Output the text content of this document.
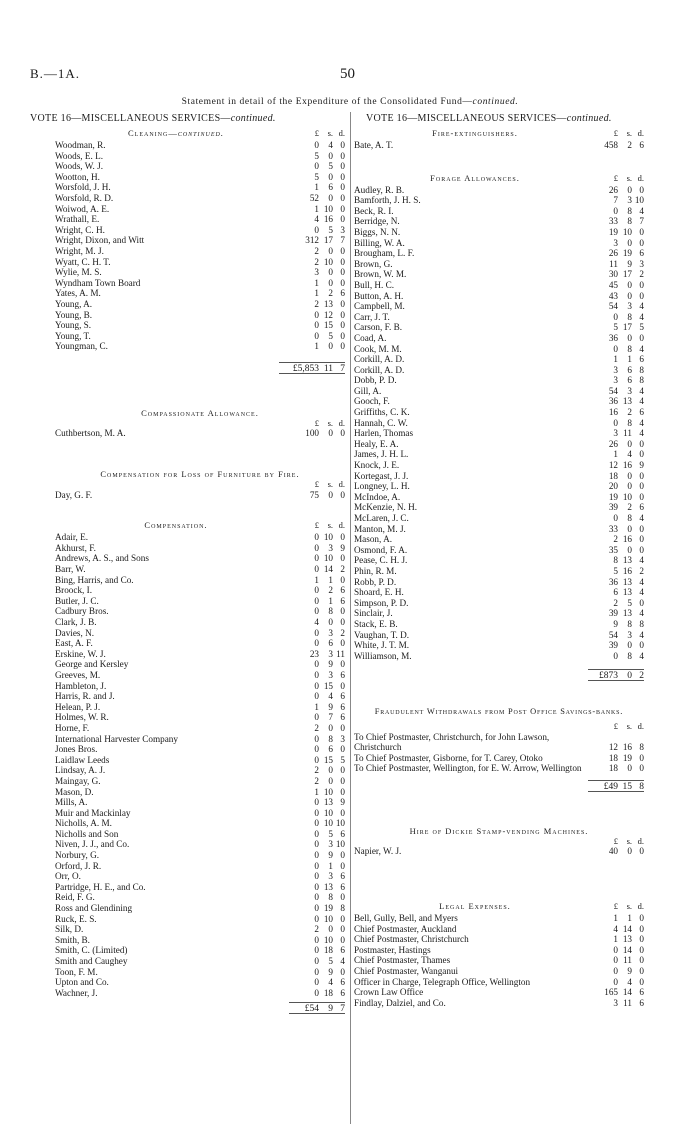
B.—1A.	50
Statement in detail of the Expenditure of the Consolidated Fund—continued.
VOTE 16—MISCELLANEOUS SERVICES—continued.	VOTE 16—MISCELLANEOUS SERVICES—continued.
Cleaning—continued.	£	s. d.
Woodman, R.	0	4 0
Woods, E. L.	5	0 0
Woods, W. J.	0	5 0
Wootton, H.	5	0 0
Worsfold, J. H.	1	6 0
Worsfold, R. D.	52	0 0
Woiwod, A. E.	1 10 0
Wrathall, E.	4 16 0
Wright, C. H.	0	5 3
Wright, Dixon, and Witt	312 17 7
Wright, M. J.	2	0 0
Wyatt, C. H. T.	2 10 0
Wylie, M. S.	3	0 0
Wyndham Town Board	1	0 0
Yates, A. M.	1	2 6
Young, A.	2 13 0
Young, B.	0 12 0
Young, S.	0 15 0
Young, T.	0	5 0
Youngman, C.	1	0 0
£5,853 11 7
Compassionate Allowance.
£	s. d.
Cuthbertson, M. A.	100	0 0
Compensation for Loss of Furniture by Fire.
£	s. d.
Day, G. F.	75	0 0
Compensation.	£	s. d.
Adair, E.	0 10 0
Akhurst, F.	0	3 9
Andrews, A. S., and Sons	0 10 0
Barr, W.	0 14 2
Bing, Harris, and Co.	1	1 0
Broock, I.	0	2 6
Butler, J. C.	0	1 6
Cadbury Bros.	0	8 0
Clark, J. B.	4	0 0
Davies, N.	0	3 2
East, A. F.	0	6 0
Erskine, W. J.	23	3 11
George and Kersley	0	9 0
Greeves, M.	0	3 6
Hambleton, J.	0 15 0
Harris, R. and J.	0	4 6
Helean, P. J.	1	9 6
Holmes, W. R.	0	7 6
Horne, F.	2	0 0
International Harvester Company	0	8 3
Jones Bros.	0	6 0
Laidlaw Leeds	0 15 5
Lindsay, A. J.	2	0 0
Maingay, G.	2	0 0
Mason, D.	1 10 0
Mills, A.	0 13 9
Muir and Mackinlay	0 10 0
Nicholls, A. M.	0 10 10
Nicholls and Son	0	5 6
Niven, J. J., and Co.	0	3 10
Norbury, G.	0	9 0
Orford, J. R.	0	1 0
Orr, O.	0	3 6
Partridge, H. E., and Co.	0 13 6
Reid, F. G.	0	8 0
Ross and Glendining	0 19 8
Ruck, E. S.	0 10 0
Silk, D.	2	0 0
Smith, B.	0 10 0
Smith, C. (Limited)	0 18 6
Smith and Caughey	0	5 4
Toon, F. M.	0	9 0
Upton and Co.	0	4 6
Wachner, J.	0 18 6
£54 9 7
Fire-extinguishers.	£	s. d.
Bate, A. T.	458	2 6
Forage Allowances.	£	s. d.
Audley, R. B.	26	0 0
Bamforth, J. H. S.	7	3 10
Beck, R. I.	0	8 4
Berridge, N.	33	8 7
Biggs, N. N.	19 10 0
Billing, W. A.	3	0 0
Brougham, L. F.	26 19 6
Brown, G.	11	9 3
Brown, W. M.	30 17 2
Bull, H. C.	45	0 0
Button, A. H.	43	0 0
Campbell, M.	54	3 4
Carr, J. T.	0	8 4
Carson, F. B.	5 17 5
Coad, A.	36	0 0
Cook, M. M.	0	8 4
Corkill, A. D.	1	1 6
Corkill, A. D.	3	6 8
Dobb, P. D.	3	6 8
Gill, A.	54	3 4
Gooch, F.	36 13 4
Griffiths, C. K.	16	2 6
Hannah, C. W.	0	8 4
Harlen, Thomas	3 11 4
Healy, E. A.	26	0 0
James, J. H. L.	1	4 0
Knock, J. E.	12 16 9
Kortegast, J. J.	18	0 0
Longney, L. H.	20	0 0
McIndoe, A.	19 10 0
McKenzie, N. H.	39	2 6
McLaren, J. C.	0	8 4
Manton, M. J.	33	0 0
Mason, A.	2 16 0
Osmond, F. A.	35	0 0
Pease, C. H. J.	8 13 4
Phin, R. M.	5 16 2
Robb, P. D.	36 13 4
Shoard, E. H.	6 13 4
Simpson, P. D.	2	5 0
Sinclair, J.	39 13 4
Stack, E. B.	9	8 8
Vaughan, T. D.	54	3 4
White, J. T. M.	39	0 0
Williamson, M.	0	8 4
£873 0 2
Fraudulent Withdrawals from Post Office Savings-banks.
£	s. d.
To Chief Postmaster, Christchurch, for John Lawson, Christchurch	12 16 8
To Chief Postmaster, Gisborne, for T. Carey, Otoko	18 19 0
To Chief Postmaster, Wellington, for E. W. Arrow, Wellington	18 0 0
£49 15 8
Hire of Dickie Stamp-vending Machines.
£	s. d.
Napier, W. J.	40	0 0
Legal Expenses.	£	s. d.
Bell, Gully, Bell, and Myers	1	1 0
Chief Postmaster, Auckland	4 14 0
Chief Postmaster, Christchurch	1 13 0
Postmaster, Hastings	0 14 0
Chief Postmaster, Thames	0 11 0
Chief Postmaster, Wanganui	0	9 0
Officer in Charge, Telegraph Office, Wellington	0	4 0
Crown Law Office	165 14 6
Findlay, Dalziel, and Co.	3 11 6
